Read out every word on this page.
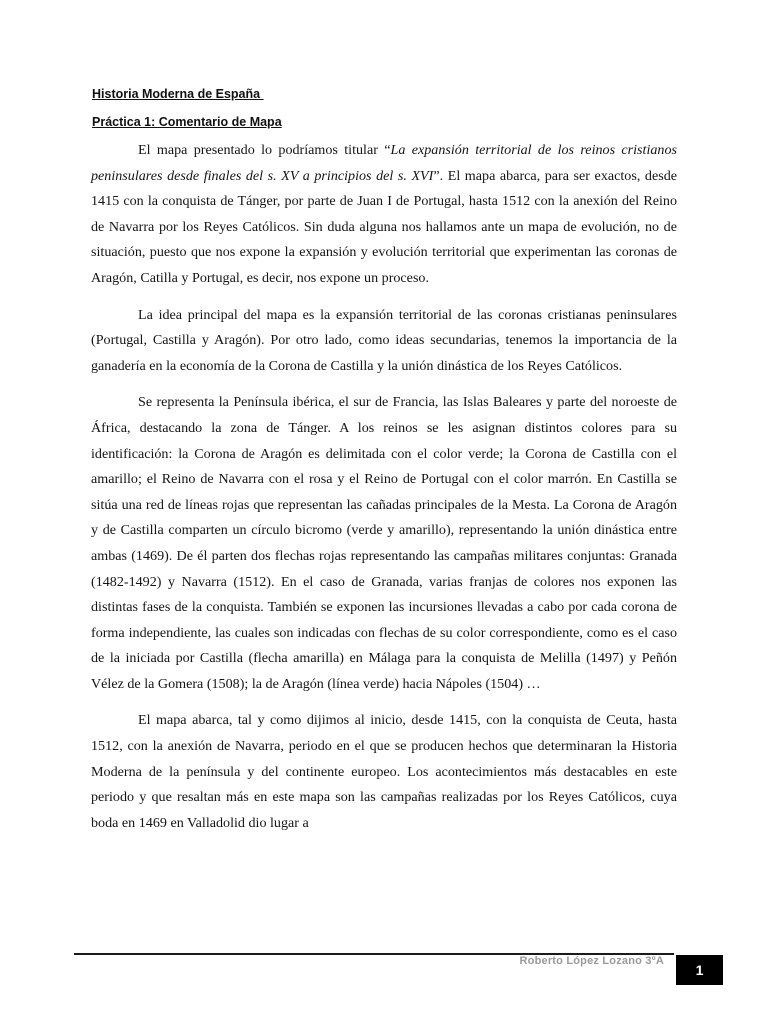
Historia Moderna de España
Práctica 1: Comentario de Mapa

El mapa presentado lo podríamos titular “La expansión territorial de los reinos cristianos peninsulares desde finales del s. XV a principios del s. XVI”. El mapa abarca, para ser exactos, desde 1415 con la conquista de Tánger, por parte de Juan I de Portugal, hasta 1512 con la anexión del Reino de Navarra por los Reyes Católicos. Sin duda alguna nos hallamos ante un mapa de evolución, no de situación, puesto que nos expone la expansión y evolución territorial que experimentan las coronas de Aragón, Catilla y Portugal, es decir, nos expone un proceso.

La idea principal del mapa es la expansión territorial de las coronas cristianas peninsulares (Portugal, Castilla y Aragón). Por otro lado, como ideas secundarias, tenemos la importancia de la ganadería en la economía de la Corona de Castilla y la unión dinástica de los Reyes Católicos.

Se representa la Península ibérica, el sur de Francia, las Islas Baleares y parte del noroeste de África, destacando la zona de Tánger. A los reinos se les asignan distintos colores para su identificación: la Corona de Aragón es delimitada con el color verde; la Corona de Castilla con el amarillo; el Reino de Navarra con el rosa y el Reino de Portugal con el color marrón. En Castilla se sitúa una red de líneas rojas que representan las cañadas principales de la Mesta. La Corona de Aragón y de Castilla comparten un círculo bicromo (verde y amarillo), representando la unión dinástica entre ambas (1469). De él parten dos flechas rojas representando las campañas militares conjuntas: Granada (1482-1492) y Navarra (1512). En el caso de Granada, varias franjas de colores nos exponen las distintas fases de la conquista. También se exponen las incursiones llevadas a cabo por cada corona de forma independiente, las cuales son indicadas con flechas de su color correspondiente, como es el caso de la iniciada por Castilla (flecha amarilla) en Málaga para la conquista de Melilla (1497) y Peñón Vélez de la Gomera (1508); la de Aragón (línea verde) hacia Nápoles (1504) …

El mapa abarca, tal y como dijimos al inicio, desde 1415, con la conquista de Ceuta, hasta 1512, con la anexión de Navarra, periodo en el que se producen hechos que determinaran la Historia Moderna de la península y del continente europeo. Los acontecimientos más destacables en este periodo y que resaltan más en este mapa son las campañas realizadas por los Reyes Católicos, cuya boda en 1469 en Valladolid dio lugar a

Roberto López Lozano 3ºA
1
